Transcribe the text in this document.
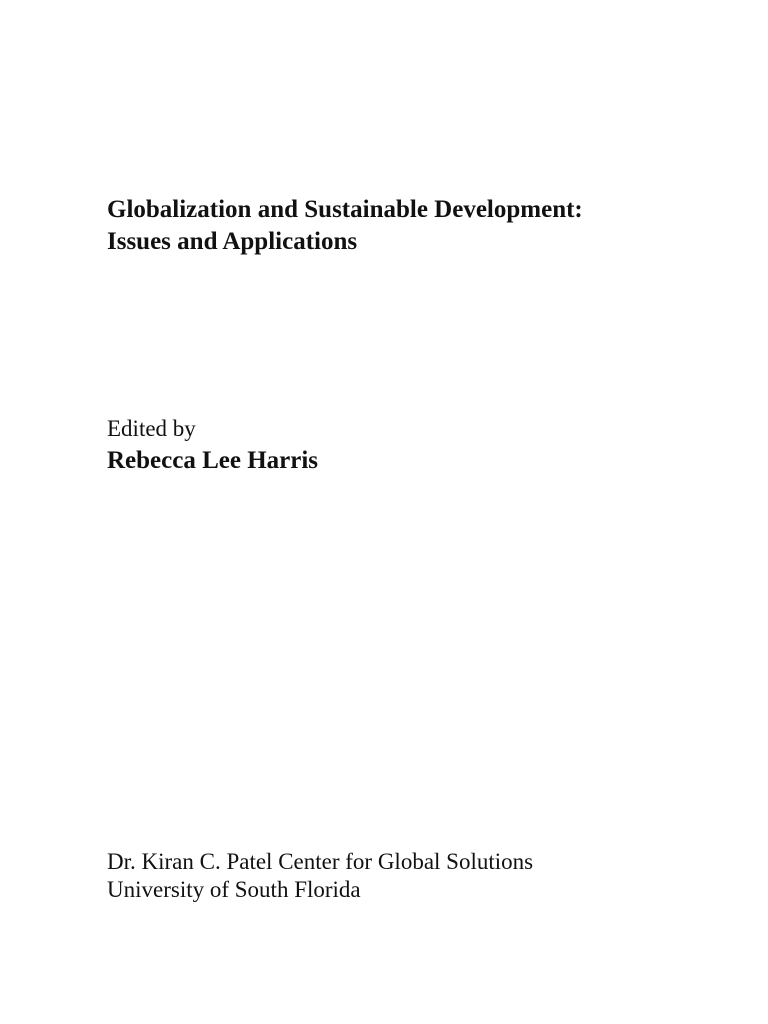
Globalization and Sustainable Development:
Issues and Applications
Edited by
Rebecca Lee Harris
Dr. Kiran C. Patel Center for Global Solutions
University of South Florida
